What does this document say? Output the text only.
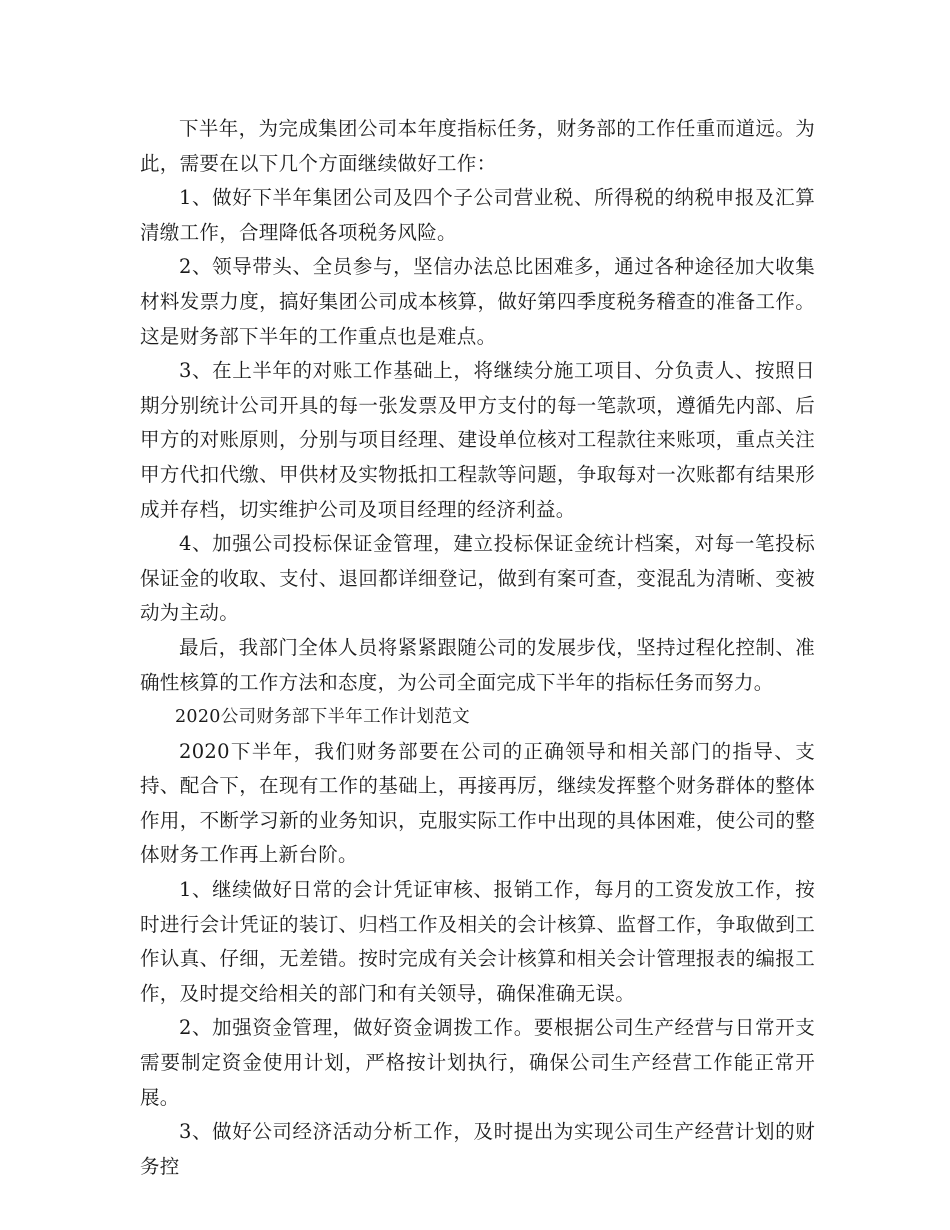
下半年，为完成集团公司本年度指标任务，财务部的工作任重而道远。为此，需要在以下几个方面继续做好工作：

1、做好下半年集团公司及四个子公司营业税、所得税的纳税申报及汇算清缴工作，合理降低各项税务风险。

2、领导带头、全员参与，坚信办法总比困难多，通过各种途径加大收集材料发票力度，搞好集团公司成本核算，做好第四季度税务稽查的准备工作。这是财务部下半年的工作重点也是难点。

3、在上半年的对账工作基础上，将继续分施工项目、分负责人、按照日期分别统计公司开具的每一张发票及甲方支付的每一笔款项，遵循先内部、后甲方的对账原则，分别与项目经理、建设单位核对工程款往来账项，重点关注甲方代扣代缴、甲供材及实物抵扣工程款等问题，争取每对一次账都有结果形成并存档，切实维护公司及项目经理的经济利益。

4、加强公司投标保证金管理，建立投标保证金统计档案，对每一笔投标保证金的收取、支付、退回都详细登记，做到有案可查，变混乱为清晰、变被动为主动。

最后，我部门全体人员将紧紧跟随公司的发展步伐，坚持过程化控制、准确性核算的工作方法和态度，为公司全面完成下半年的指标任务而努力。

2020公司财务部下半年工作计划范文

2020下半年，我们财务部要在公司的正确领导和相关部门的指导、支持、配合下，在现有工作的基础上，再接再厉，继续发挥整个财务群体的整体作用，不断学习新的业务知识，克服实际工作中出现的具体困难，使公司的整体财务工作再上新台阶。

1、继续做好日常的会计凭证审核、报销工作，每月的工资发放工作，按时进行会计凭证的装订、归档工作及相关的会计核算、监督工作，争取做到工作认真、仔细，无差错。按时完成有关会计核算和相关会计管理报表的编报工作，及时提交给相关的部门和有关领导，确保准确无误。

2、加强资金管理，做好资金调拨工作。要根据公司生产经营与日常开支需要制定资金使用计划，严格按计划执行，确保公司生产经营工作能正常开展。

3、做好公司经济活动分析工作，及时提出为实现公司生产经营计划的财务控
